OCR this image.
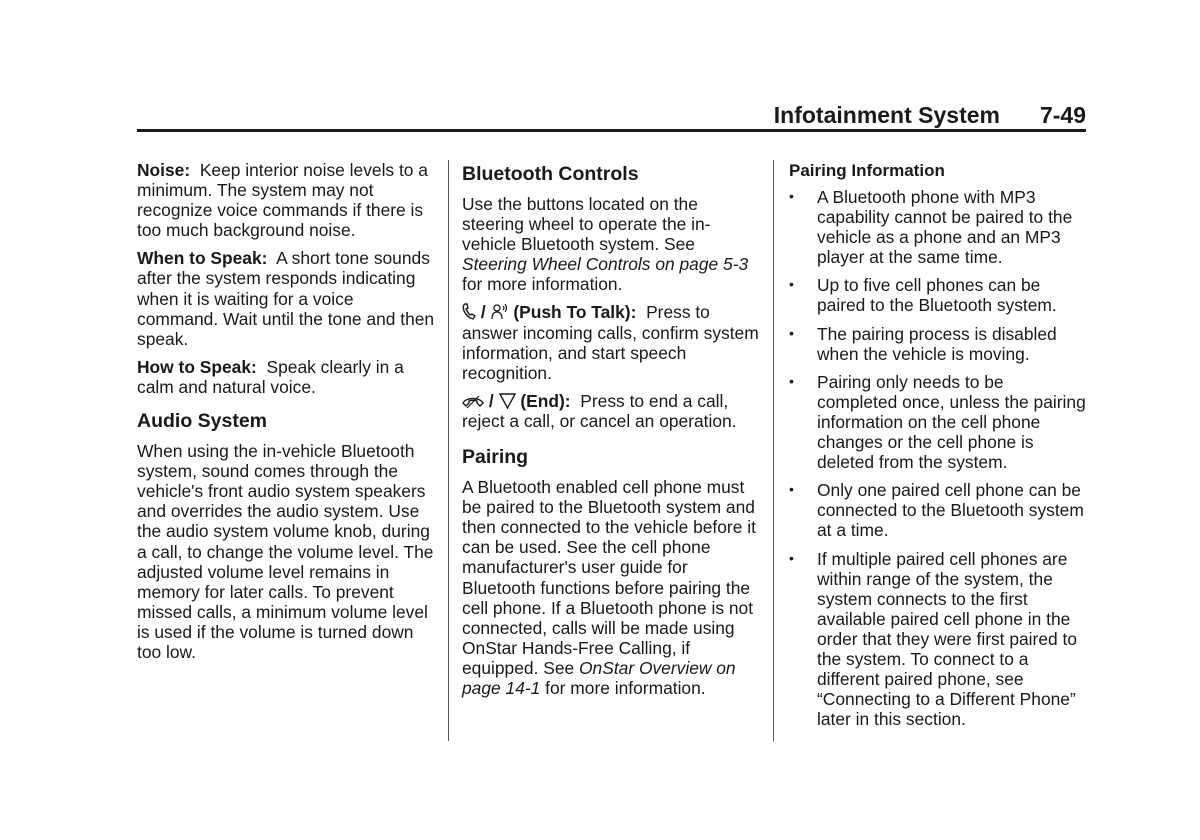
Infotainment System 7-49

Noise: Keep interior noise levels to a minimum. The system may not recognize voice commands if there is too much background noise.

When to Speak: A short tone sounds after the system responds indicating when it is waiting for a voice command. Wait until the tone and then speak.

How to Speak: Speak clearly in a calm and natural voice.

Audio System

When using the in-vehicle Bluetooth system, sound comes through the vehicle's front audio system speakers and overrides the audio system. Use the audio system volume knob, during a call, to change the volume level. The adjusted volume level remains in memory for later calls. To prevent missed calls, a minimum volume level is used if the volume is turned down too low.

Bluetooth Controls

Use the buttons located on the steering wheel to operate the in-vehicle Bluetooth system. See Steering Wheel Controls on page 5-3 for more information.

/ (Push To Talk): Press to answer incoming calls, confirm system information, and start speech recognition.

/ (End): Press to end a call, reject a call, or cancel an operation.

Pairing

A Bluetooth enabled cell phone must be paired to the Bluetooth system and then connected to the vehicle before it can be used. See the cell phone manufacturer's user guide for Bluetooth functions before pairing the cell phone. If a Bluetooth phone is not connected, calls will be made using OnStar Hands-Free Calling, if equipped. See OnStar Overview on page 14-1 for more information.

Pairing Information
• A Bluetooth phone with MP3 capability cannot be paired to the vehicle as a phone and an MP3 player at the same time.
• Up to five cell phones can be paired to the Bluetooth system.
• The pairing process is disabled when the vehicle is moving.
• Pairing only needs to be completed once, unless the pairing information on the cell phone changes or the cell phone is deleted from the system.
• Only one paired cell phone can be connected to the Bluetooth system at a time.
• If multiple paired cell phones are within range of the system, the system connects to the first available paired cell phone in the order that they were first paired to the system. To connect to a different paired phone, see “Connecting to a Different Phone” later in this section.
